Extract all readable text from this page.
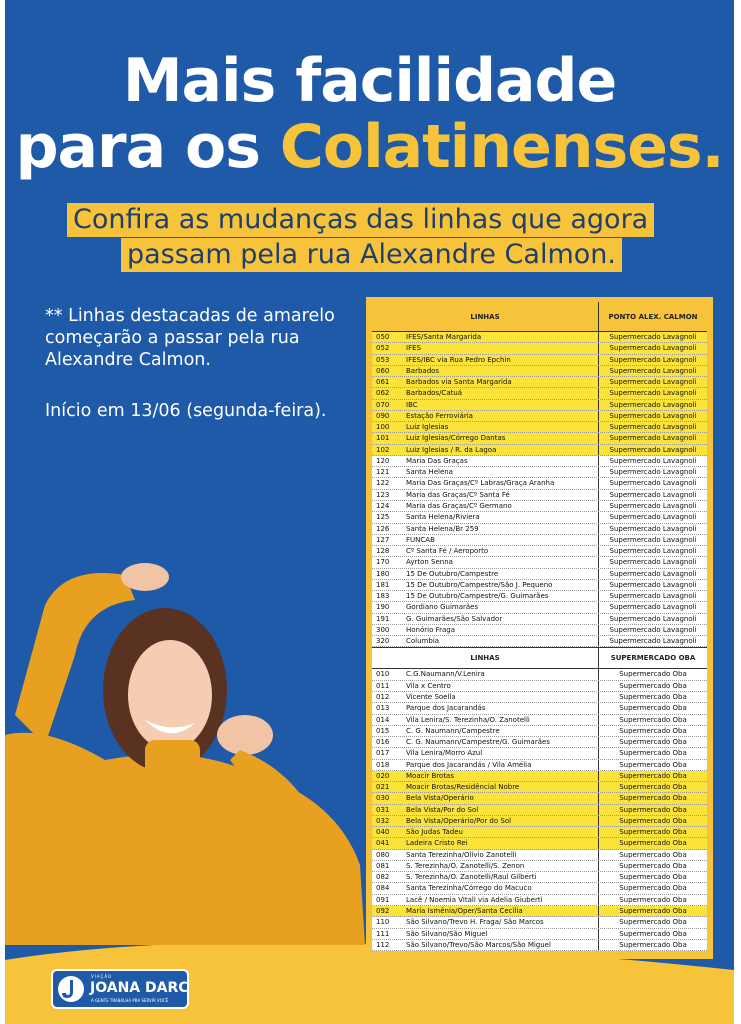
Mais facilidade
para os Colatinenses.
Confira as mudanças das linhas que agora
passam pela rua Alexandre Calmon.
** Linhas destacadas de amarelo começarão a passar pela rua Alexandre Calmon.
Início em 13/06 (segunda-feira).
LINHAS	PONTO ALEX. CALMON
050	IFES/Santa Margarida	Supermercado Lavagnoli
052	IFES	Supermercado Lavagnoli
053	IFES/IBC via Rua Pedro Epchin	Supermercado Lavagnoli
060	Barbados	Supermercado Lavagnoli
061	Barbados via Santa Margarida	Supermercado Lavagnoli
062	Barbados/Catuá	Supermercado Lavagnoli
070	IBC	Supermercado Lavagnoli
090	Estação Ferroviária	Supermercado Lavagnoli
100	Luiz Iglesias	Supermercado Lavagnoli
101	Luiz Iglesias/Córrego Dantas	Supermercado Lavagnoli
102	Luiz Iglesias / R. da Lagoa	Supermercado Lavagnoli
120	Maria Das Graças	Supermercado Lavagnoli
121	Santa Helena	Supermercado Lavagnoli
122	Maria Das Graças/Cº Labras/Graça Aranha	Supermercado Lavagnoli
123	Maria das Graças/Cº Santa Fé	Supermercado Lavagnoli
124	Maria das Graças/Cº Germano	Supermercado Lavagnoli
125	Santa Helena/Riviera	Supermercado Lavagnoli
126	Santa Helena/Br 259	Supermercado Lavagnoli
127	FUNCAB	Supermercado Lavagnoli
128	Cº Santa Fé / Aeroporto	Supermercado Lavagnoli
170	Ayrton Senna	Supermercado Lavagnoli
180	15 De Outubro/Campestre	Supermercado Lavagnoli
181	15 De Outubro/Campestre/São J. Pequeno	Supermercado Lavagnoli
183	15 De Outubro/Campestre/G. Guimarães	Supermercado Lavagnoli
190	Gordiano Guimarães	Supermercado Lavagnoli
191	G. Guimarães/São Salvador	Supermercado Lavagnoli
300	Honório Fraga	Supermercado Lavagnoli
320	Columbia	Supermercado Lavagnoli
LINHAS	SUPERMERCADO OBA
010	C.G.Naumann/V.Lenira	Supermercado Oba
011	Vila x Centro	Supermercado Oba
012	Vicente Soella	Supermercado Oba
013	Parque dos Jacarandás	Supermercado Oba
014	Vila Lenira/S. Terezinha/O. Zanotelli	Supermercado Oba
015	C. G. Naumann/Campestre	Supermercado Oba
016	C. G. Naumann/Campestre/G. Guimarães	Supermercado Oba
017	Vila Lenira/Morro Azul	Supermercado Oba
018	Parque dos Jacarandás / Vila Amélia	Supermercado Oba
020	Moacir Brotas	Supermercado Oba
021	Moacir Brotas/Residêncial Nobre	Supermercado Oba
030	Bela Vista/Operário	Supermercado Oba
031	Bela Vista/Por do Sol	Supermercado Oba
032	Bela Vista/Operário/Por do Sol	Supermercado Oba
040	São Judas Tadeu	Supermercado Oba
041	Ladeira Cristo Rei	Supermercado Oba
080	Santa Terezinha/Olívio Zanotelli	Supermercado Oba
081	S. Terezinha/O. Zanotelli/S. Zenon	Supermercado Oba
082	S. Terezinha/O. Zanotelli/Raul Gilberti	Supermercado Oba
084	Santa Terezinha/Córrego do Macuco	Supermercado Oba
091	Lacê / Noemia Vitali via Adelia Giuberti	Supermercado Oba
092	Maria Ismênia/Oper/Santa Cecília	Supermercado Oba
110	São Silvano/Trevo H. Fraga/ São Marcos	Supermercado Oba
111	São Silvano/São Miguel	Supermercado Oba
112	São Silvano/Trevo/São Marcos/São Miguel	Supermercado Oba
VIAÇÃO
JOANA DARC
A GENTE TRABALHA PRA SERVIR VOCÊ
